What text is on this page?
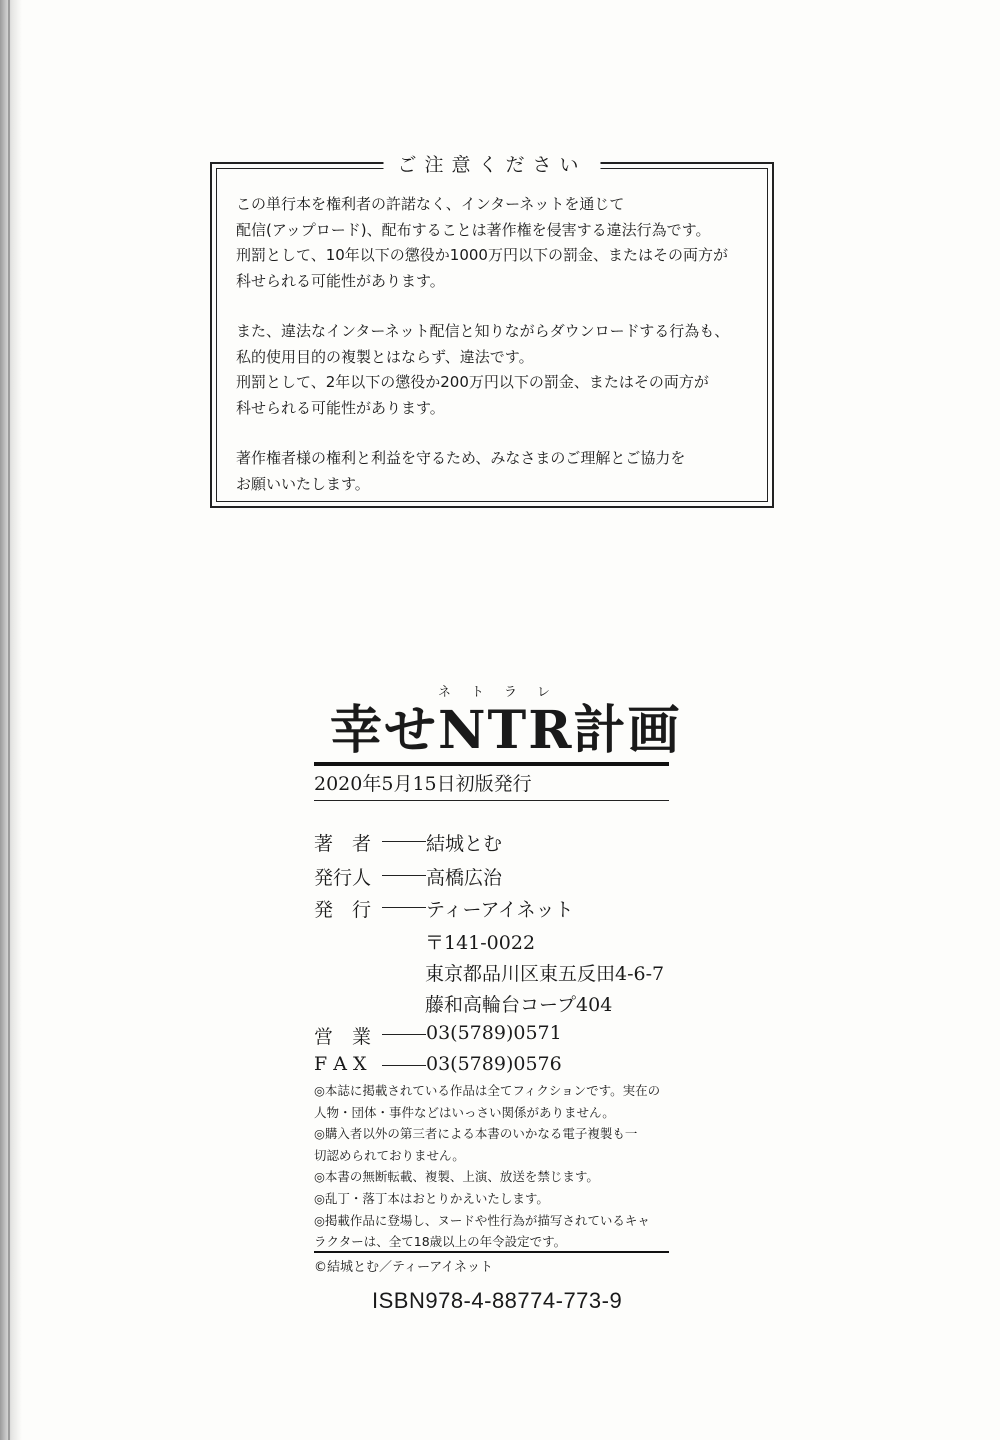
ご注意ください

この単行本を権利者の許諾なく、インターネットを通じて
配信(アップロード)、配布することは著作権を侵害する違法行為です。
刑罰として、10年以下の懲役か1000万円以下の罰金、またはその両方が
科せられる可能性があります。

また、違法なインターネット配信と知りながらダウンロードする行為も、
私的使用目的の複製とはならず、違法です。
刑罰として、2年以下の懲役か200万円以下の罰金、またはその両方が
科せられる可能性があります。

著作権者様の権利と利益を守るため、みなさまのご理解とご協力を
お願いいたします。

ネ ト ラ レ
幸せNTR計画
2020年5月15日初版発行
著　者	結城とむ
発行人	高橋広治
発　行	ティーアイネット
〒141-0022
東京都品川区東五反田4-6-7
藤和高輪台コープ404
営　業	03(5789)0571
F A X	03(5789)0576
◎本誌に掲載されている作品は全てフィクションです。実在の
人物・団体・事件などはいっさい関係がありません。
◎購入者以外の第三者による本書のいかなる電子複製も一
切認められておりません。
◎本書の無断転載、複製、上演、放送を禁じます。
◎乱丁・落丁本はおとりかえいたします。
◎掲載作品に登場し、ヌードや性行為が描写されているキャ
ラクターは、全て18歳以上の年令設定です。
©結城とむ／ティーアイネット
ISBN978-4-88774-773-9
